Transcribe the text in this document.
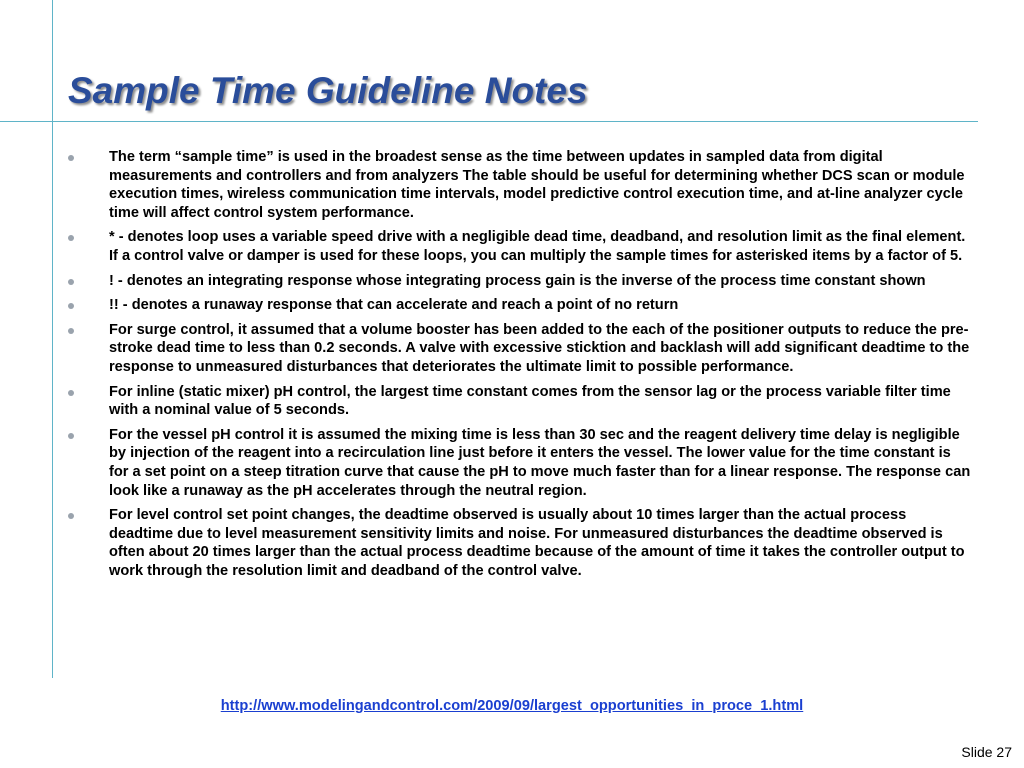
Sample Time Guideline Notes
The term “sample time” is used in the broadest sense as the time between updates in sampled data from digital measurements and controllers and from analyzers The table should be useful for determining whether DCS scan or module execution times, wireless communication time intervals, model predictive control execution time, and at-line analyzer cycle time will affect control system performance.
* - denotes loop uses a variable speed drive with a negligible dead time, deadband, and resolution limit as the final element. If a control valve or damper is used for these loops, you can multiply the sample times for asterisked items by a factor of 5.
! - denotes an integrating response whose integrating process gain is the inverse of the process time constant shown
!! - denotes a runaway response that can accelerate and reach a point of no return
For surge control, it assumed that a volume booster has been added to the each of the positioner outputs to reduce the pre-stroke dead time to less than 0.2 seconds. A valve with excessive sticktion and backlash will add significant deadtime to the response to unmeasured disturbances that deteriorates the ultimate limit to possible performance.
For inline (static mixer) pH control, the largest time constant comes from the sensor lag or the process variable filter time with a nominal value of 5 seconds.
For the vessel pH control it is assumed the mixing time is less than 30 sec and the reagent delivery time delay is negligible by injection of the reagent into a recirculation line just before it enters the vessel. The lower value for the time constant is for a set point on a steep titration curve that cause the pH to move much faster than for a linear response. The response can look like a runaway as the pH accelerates through the neutral region.
For level control set point changes, the deadtime observed is usually about 10 times larger than the actual process deadtime due to level measurement sensitivity limits and noise. For unmeasured disturbances the deadtime observed is often about 20 times larger than the actual process deadtime because of the amount of time it takes the controller output to work through the resolution limit and deadband of the control valve.
http://www.modelingandcontrol.com/2009/09/largest_opportunities_in_proce_1.html
Slide 27
